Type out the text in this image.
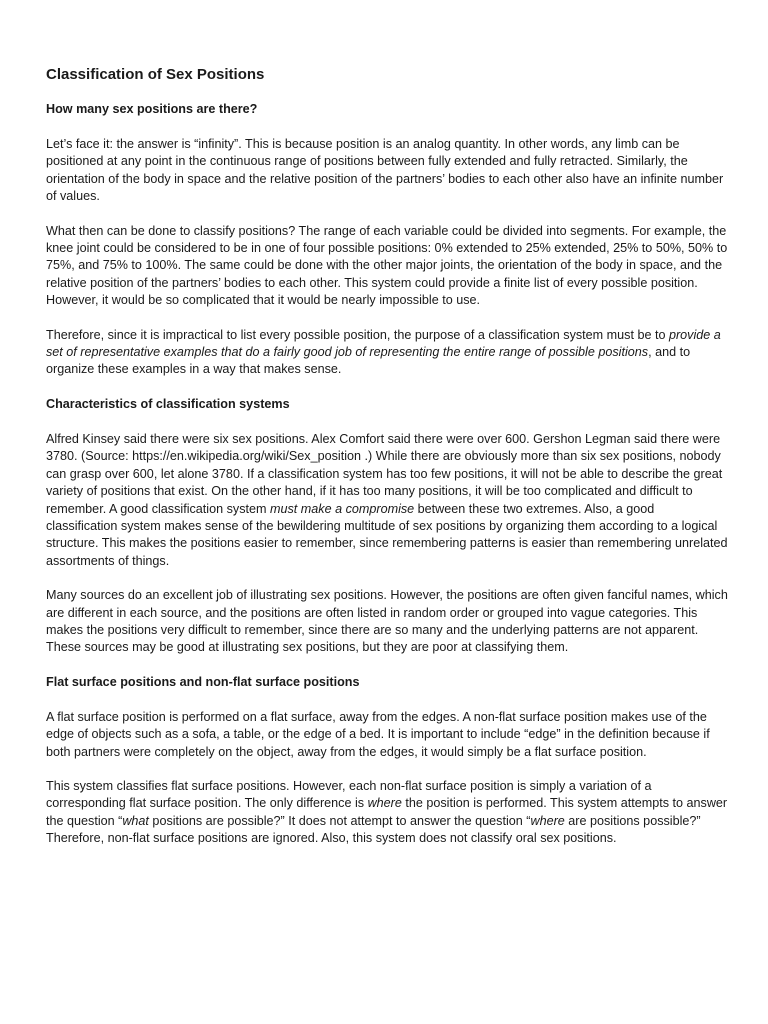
Classification of Sex Positions
How many sex positions are there?

Let’s face it: the answer is “infinity”. This is because position is an analog quantity. In other words, any limb can be positioned at any point in the continuous range of positions between fully extended and fully retracted. Similarly, the orientation of the body in space and the relative position of the partners’ bodies to each other also have an infinite number of values.

What then can be done to classify positions? The range of each variable could be divided into segments. For example, the knee joint could be considered to be in one of four possible positions: 0% extended to 25% extended, 25% to 50%, 50% to 75%, and 75% to 100%. The same could be done with the other major joints, the orientation of the body in space, and the relative position of the partners’ bodies to each other. This system could provide a finite list of every possible position. However, it would be so complicated that it would be nearly impossible to use.

Therefore, since it is impractical to list every possible position, the purpose of a classification system must be to provide a set of representative examples that do a fairly good job of representing the entire range of possible positions, and to organize these examples in a way that makes sense.

Characteristics of classification systems

Alfred Kinsey said there were six sex positions. Alex Comfort said there were over 600. Gershon Legman said there were 3780. (Source: https://en.wikipedia.org/wiki/Sex_position .) While there are obviously more than six sex positions, nobody can grasp over 600, let alone 3780. If a classification system has too few positions, it will not be able to describe the great variety of positions that exist. On the other hand, if it has too many positions, it will be too complicated and difficult to remember. A good classification system must make a compromise between these two extremes. Also, a good classification system makes sense of the bewildering multitude of sex positions by organizing them according to a logical structure. This makes the positions easier to remember, since remembering patterns is easier than remembering unrelated assortments of things.

Many sources do an excellent job of illustrating sex positions. However, the positions are often given fanciful names, which are different in each source, and the positions are often listed in random order or grouped into vague categories. This makes the positions very difficult to remember, since there are so many and the underlying patterns are not apparent. These sources may be good at illustrating sex positions, but they are poor at classifying them.

Flat surface positions and non-flat surface positions

A flat surface position is performed on a flat surface, away from the edges. A non-flat surface position makes use of the edge of objects such as a sofa, a table, or the edge of a bed. It is important to include “edge” in the definition because if both partners were completely on the object, away from the edges, it would simply be a flat surface position.

This system classifies flat surface positions. However, each non-flat surface position is simply a variation of a corresponding flat surface position. The only difference is where the position is performed. This system attempts to answer the question “what positions are possible?” It does not attempt to answer the question “where are positions possible?” Therefore, non-flat surface positions are ignored. Also, this system does not classify oral sex positions.
